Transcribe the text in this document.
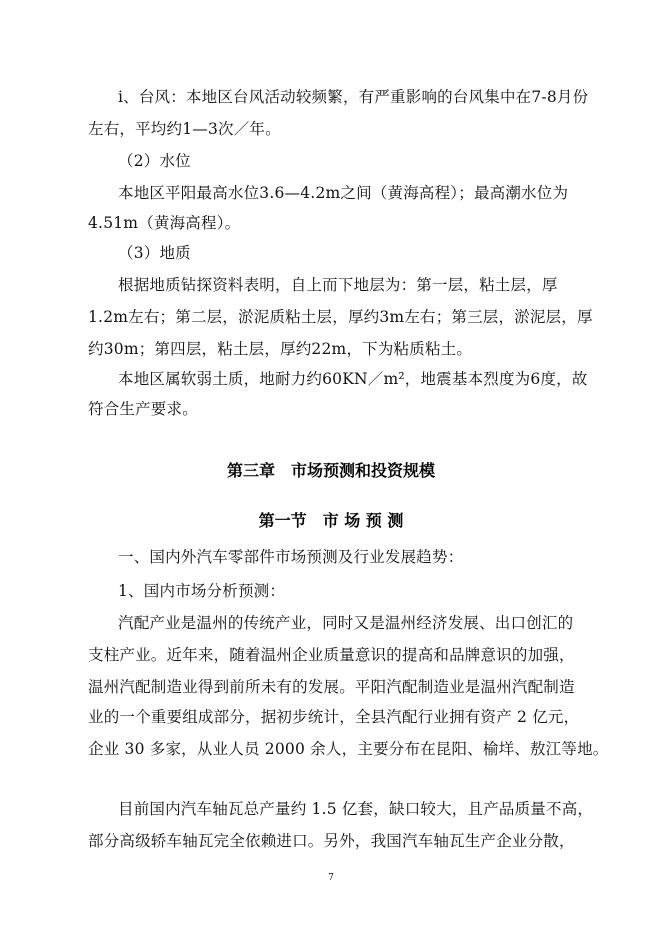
i、台风：本地区台风活动较频繁，有严重影响的台风集中在7-8月份
左右，平均约1—3次／年。
（2）水位
本地区平阳最高水位3.6—4.2m之间（黄海高程）；最高潮水位为
4.51m（黄海高程）。
（3）地质
根据地质钻探资料表明，自上而下地层为：第一层，粘土层，厚
1.2m左右；第二层，淤泥质粘土层，厚约3m左右；第三层，淤泥层，厚
约30m；第四层，粘土层，厚约22m，下为粘质粘土。
本地区属软弱土质，地耐力约60KN／m²，地震基本烈度为6度，故
符合生产要求。
第三章　市场预测和投资规模
第一节　市 场 预 测
一、国内外汽车零部件市场预测及行业发展趋势：
1、国内市场分析预测：
汽配产业是温州的传统产业，同时又是温州经济发展、出口创汇的
支柱产业。近年来，随着温州企业质量意识的提高和品牌意识的加强，
温州汽配制造业得到前所未有的发展。平阳汽配制造业是温州汽配制造
业的一个重要组成部分，据初步统计，全县汽配行业拥有资产 2 亿元，
企业 30 多家，从业人员 2000 余人，主要分布在昆阳、榆垟、敖江等地。
目前国内汽车轴瓦总产量约 1.5 亿套，缺口较大，且产品质量不高，
部分高级轿车轴瓦完全依赖进口。另外，我国汽车轴瓦生产企业分散，
7
